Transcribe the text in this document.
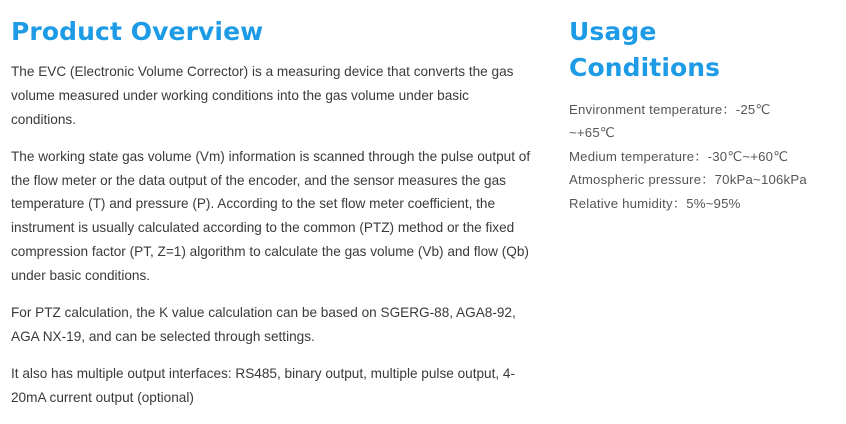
Product Overview

The EVC (Electronic Volume Corrector) is a measuring device that converts the gas volume measured under working conditions into the gas volume under basic conditions.

The working state gas volume (Vm) information is scanned through the pulse output of the flow meter or the data output of the encoder, and the sensor measures the gas temperature (T) and pressure (P). According to the set flow meter coefficient, the instrument is usually calculated according to the common (PTZ) method or the fixed compression factor (PT, Z=1) algorithm to calculate the gas volume (Vb) and flow (Qb) under basic conditions.

For PTZ calculation, the K value calculation can be based on SGERG-88, AGA8-92, AGA NX-19, and can be selected through settings.

It also has multiple output interfaces: RS485, binary output, multiple pulse output, 4-20mA current output (optional)

Usage Conditions
Environment temperature：-25℃ ~+65℃
Medium temperature：-30℃~+60℃
Atmospheric pressure：70kPa~106kPa
Relative humidity：5%~95%
